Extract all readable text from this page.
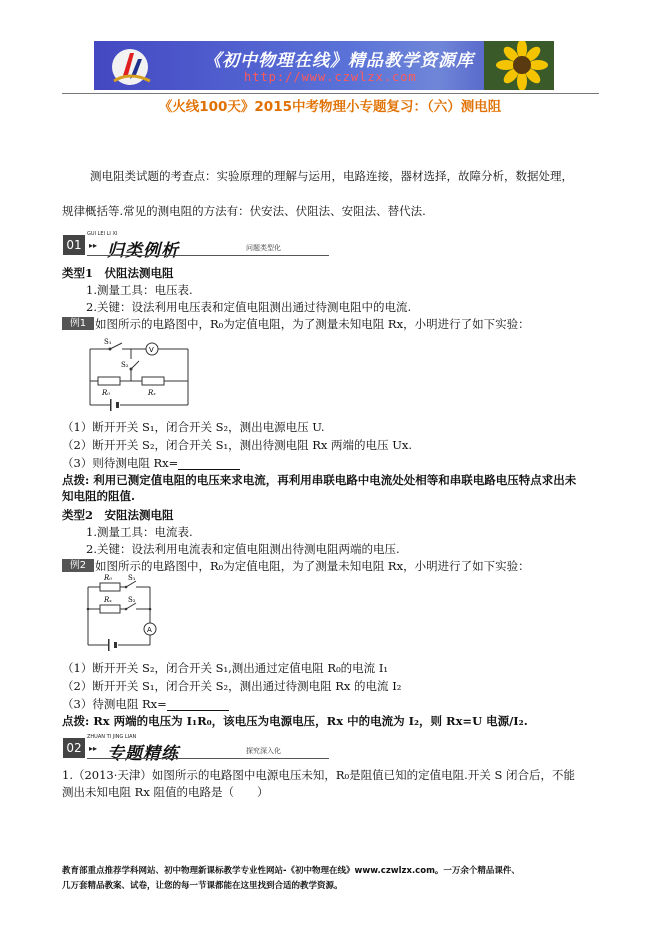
《初中物理在线》精品教学资源库
http://www.czwlzx.com
《火线100天》2015中考物理小专题复习：（六）测电阻
测电阻类试题的考查点：实验原理的理解与运用，电路连接，器材选择，故障分析，数据处理，
规律概括等.常见的测电阻的方法有：伏安法、伏阻法、安阻法、替代法.
01
GUI LEI LI XI
▸▸ 归类例析	问题类型化
类型1　伏阻法测电阻
1.测量工具：电压表.
2.关键：设法利用电压表和定值电阻测出通过待测电阻中的电流.
例1 如图所示的电路图中，R₀为定值电阻，为了测量未知电阻 Rx，小明进行了如下实验：
S₁
S₂
R₀	Rₓ
V
（1）断开开关 S₁，闭合开关 S₂，测出电源电压 U.
（2）断开开关 S₂，闭合开关 S₁，测出待测电阻 Rx 两端的电压 Ux.
（3）则待测电阻 Rx=
点拨: 利用已测定值电阻的电压来求电流，再利用串联电路中电流处处相等和串联电路电压特点求出未
知电阻的阻值.
类型2　安阻法测电阻
1.测量工具：电流表.
2.关键：设法利用电流表和定值电阻测出待测电阻两端的电压.
例2 如图所示的电路图中，R₀为定值电阻，为了测量未知电阻 Rx，小明进行了如下实验：
R₀ S₁
Rₓ S₂
A
（1）断开开关 S₂，闭合开关 S₁,测出通过定值电阻 R₀的电流 I₁
（2）断开开关 S₁，闭合开关 S₂，测出通过待测电阻 Rx 的电流 I₂
（3）待测电阻 Rx=
点拨: Rx 两端的电压为 I₁R₀，该电压为电源电压，Rx 中的电流为 I₂，则 Rx=U 电源/I₂.
02
ZHUAN TI JING LIAN
▸▸ 专题精练	探究深入化
1.（2013·天津）如图所示的电路图中电源电压未知，R₀是阻值已知的定值电阻.开关 S 闭合后，不能
测出未知电阻 Rx 阻值的电路是（　　）
教育部重点推荐学科网站、初中物理新课标教学专业性网站-《初中物理在线》www.czwlzx.com。一万余个精品课件、
几万套精品教案、试卷，让您的每一节课都能在这里找到合适的教学资源。
